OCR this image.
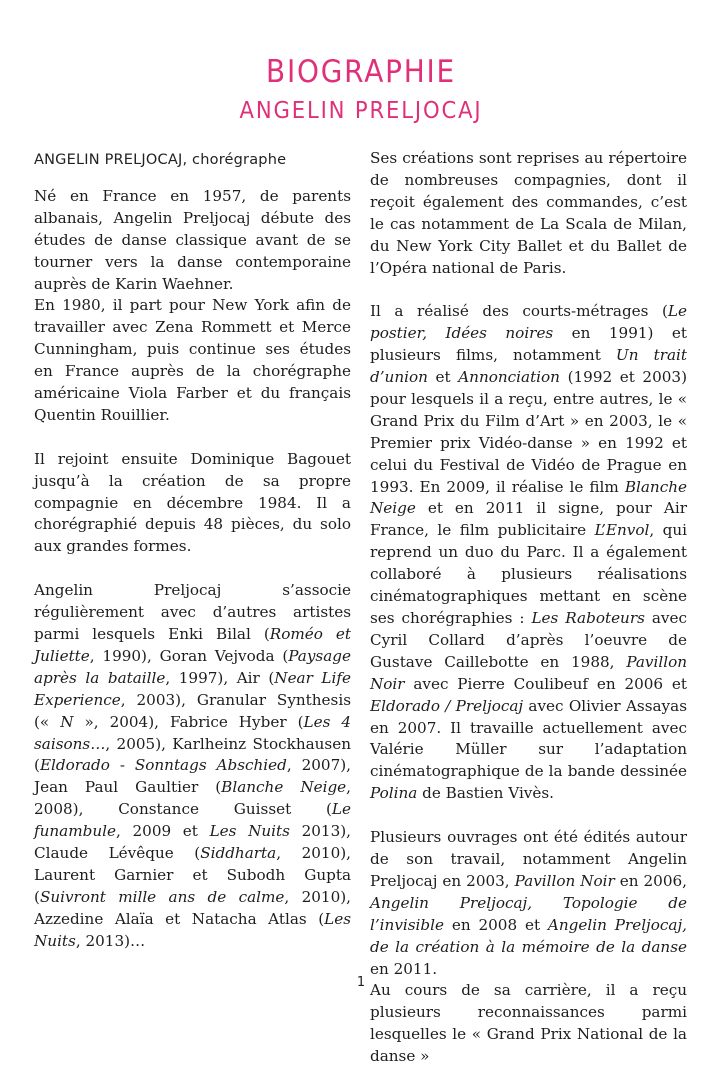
BIOGRAPHIE
ANGELIN PRELJOCAJ
ANGELIN PRELJOCAJ, chorégraphe

Né en France en 1957, de parents albanais, Angelin Preljocaj débute des études de danse classique avant de se tourner vers la danse contemporaine auprès de Karin Waehner.

En 1980, il part pour New York afin de travailler avec Zena Rommett et Merce Cunningham, puis continue ses études en France auprès de la chorégraphe américaine Viola Farber et du français Quentin Rouillier.

Il rejoint ensuite Dominique Bagouet jusqu’à la création de sa propre compagnie en décembre 1984. Il a chorégraphié depuis 48 pièces, du solo aux grandes formes.

Angelin Preljocaj s’associe régulièrement avec d’autres artistes parmi lesquels Enki Bilal (Roméo et Juliette, 1990), Goran Vejvoda (Paysage après la bataille, 1997), Air (Near Life Experience, 2003), Granular Synthesis (« N », 2004), Fabrice Hyber (Les 4 saisons…, 2005), Karlheinz Stockhausen (Eldorado - Sonntags Abschied, 2007), Jean Paul Gaultier (Blanche Neige, 2008), Constance Guisset (Le funambule, 2009 et Les Nuits 2013), Claude Lévêque (Siddharta, 2010), Laurent Garnier et Subodh Gupta (Suivront mille ans de calme, 2010), Azzedine Alaïa et Natacha Atlas (Les Nuits, 2013)…

Ses créations sont reprises au répertoire de nombreuses compagnies, dont il reçoit également des commandes, c’est le cas notamment de La Scala de Milan, du New York City Ballet et du Ballet de l’Opéra national de Paris.

Il a réalisé des courts-métrages (Le postier, Idées noires en 1991) et plusieurs films, notamment Un trait d’union et Annonciation (1992 et 2003) pour lesquels il a reçu, entre autres, le « Grand Prix du Film d’Art » en 2003, le « Premier prix Vidéo-danse » en 1992 et celui du Festival de Vidéo de Prague en 1993. En 2009, il réalise le film Blanche Neige et en 2011 il signe, pour Air France, le film publicitaire L’Envol, qui reprend un duo du Parc. Il a également collaboré à plusieurs réalisations cinématographiques mettant en scène ses chorégraphies : Les Raboteurs avec Cyril Collard d’après l’oeuvre de Gustave Caillebotte en 1988, Pavillon Noir avec Pierre Coulibeuf en 2006 et Eldorado / Preljocaj avec Olivier Assayas en 2007. Il travaille actuellement avec Valérie Müller sur l’adaptation cinématographique de la bande dessinée Polina de Bastien Vivès.

Plusieurs ouvrages ont été édités autour de son travail, notamment Angelin Preljocaj en 2003, Pavillon Noir en 2006, Angelin Preljocaj, Topologie de l’invisible en 2008 et Angelin Preljocaj, de la création à la mémoire de la danse en 2011.

Au cours de sa carrière, il a reçu plusieurs reconnaissances parmi lesquelles le « Grand Prix National de la danse »

1
